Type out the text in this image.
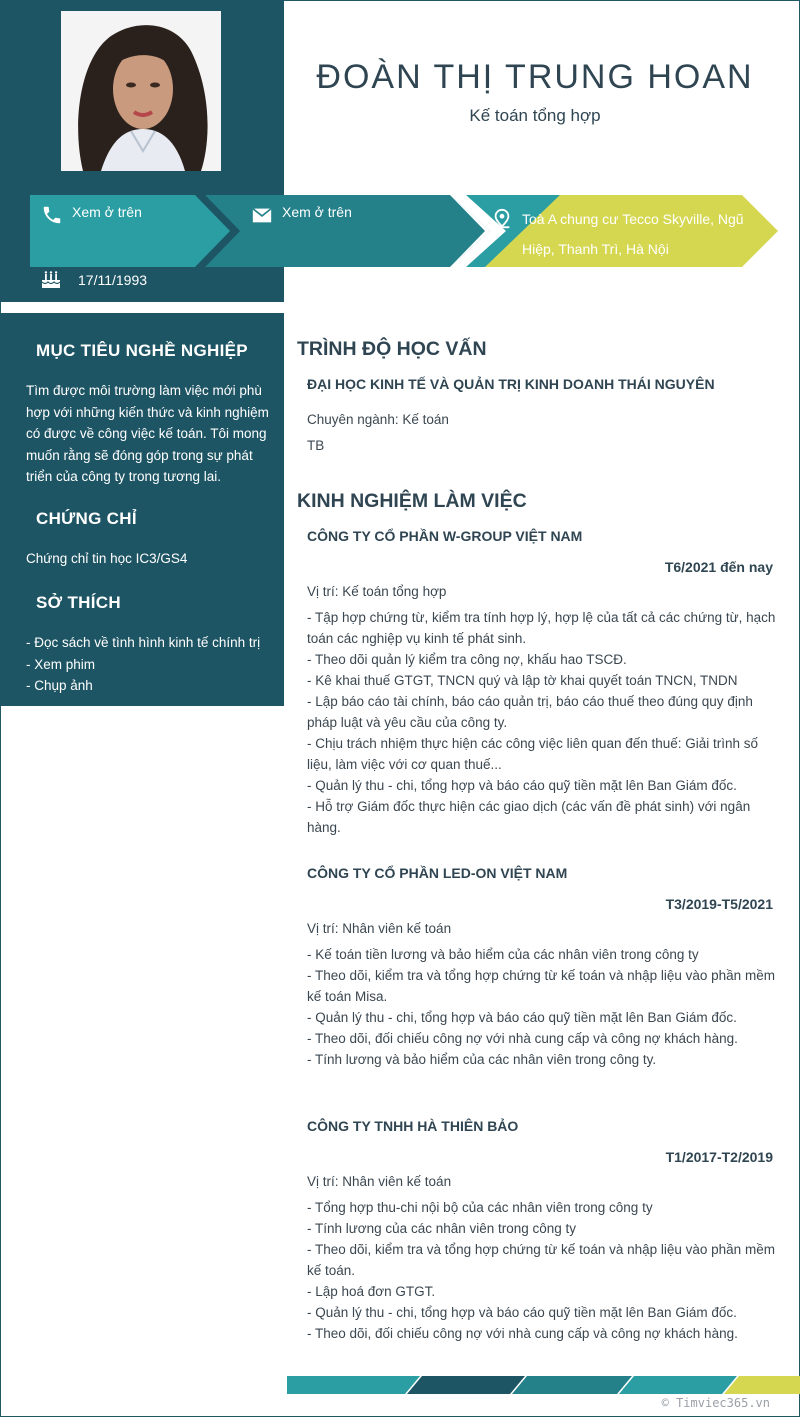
ĐOÀN THỊ TRUNG HOAN
Kế toán tổng hợp
Xem ở trên	Xem ở trên	Toà A chung cư Tecco Skyville, Ngũ Hiệp, Thanh Trì, Hà Nội
17/11/1993
MỤC TIÊU NGHỀ NGHIỆP
Tìm được môi trường làm việc mới phù hợp với những kiến thức và kinh nghiệm có được về công việc kế toán. Tôi mong muốn rằng sẽ đóng góp trong sự phát triển của công ty trong tương lai.
CHỨNG CHỈ
Chứng chỉ tin học IC3/GS4
SỞ THÍCH
- Đọc sách về tình hình kinh tế chính trị
- Xem phim
- Chụp ảnh
TRÌNH ĐỘ HỌC VẤN
ĐẠI HỌC KINH TẾ VÀ QUẢN TRỊ KINH DOANH THÁI NGUYÊN
Chuyên ngành: Kế toán
TB
KINH NGHIỆM LÀM VIỆC
CÔNG TY CỔ PHẦN W-GROUP VIỆT NAM
T6/2021 đến nay
Vị trí: Kế toán tổng hợp
- Tập hợp chứng từ, kiểm tra tính hợp lý, hợp lệ của tất cả các chứng từ, hạch toán các nghiệp vụ kinh tế phát sinh.
- Theo dõi quản lý kiểm tra công nợ, khấu hao TSCĐ.
- Kê khai thuế GTGT, TNCN quý và lập tờ khai quyết toán TNCN, TNDN
- Lập báo cáo tài chính, báo cáo quản trị, báo cáo thuế theo đúng quy định pháp luật và yêu cầu của công ty.
- Chịu trách nhiệm thực hiện các công việc liên quan đến thuế: Giải trình số liệu, làm việc với cơ quan thuế...
- Quản lý thu - chi, tổng hợp và báo cáo quỹ tiền mặt lên Ban Giám đốc.
- Hỗ trợ Giám đốc thực hiện các giao dịch (các vấn đề phát sinh) với ngân hàng.
CÔNG TY CỔ PHẦN LED-ON VIỆT NAM
T3/2019-T5/2021
Vị trí: Nhân viên kế toán
- Kế toán tiền lương và bảo hiểm của các nhân viên trong công ty
- Theo dõi, kiểm tra và tổng hợp chứng từ kế toán và nhập liệu vào phần mềm kế toán Misa.
- Quản lý thu - chi, tổng hợp và báo cáo quỹ tiền mặt lên Ban Giám đốc.
- Theo dõi, đối chiếu công nợ với nhà cung cấp và công nợ khách hàng.
- Tính lương và bảo hiểm của các nhân viên trong công ty.
CÔNG TY TNHH HÀ THIÊN BẢO
T1/2017-T2/2019
Vị trí: Nhân viên kế toán
- Tổng hợp thu-chi nội bộ của các nhân viên trong công ty
- Tính lương của các nhân viên trong công ty
- Theo dõi, kiểm tra và tổng hợp chứng từ kế toán và nhập liệu vào phần mềm kế toán.
- Lập hoá đơn GTGT.
- Quản lý thu - chi, tổng hợp và báo cáo quỹ tiền mặt lên Ban Giám đốc.
- Theo dõi, đối chiếu công nợ với nhà cung cấp và công nợ khách hàng.
© Timviec365.vn
